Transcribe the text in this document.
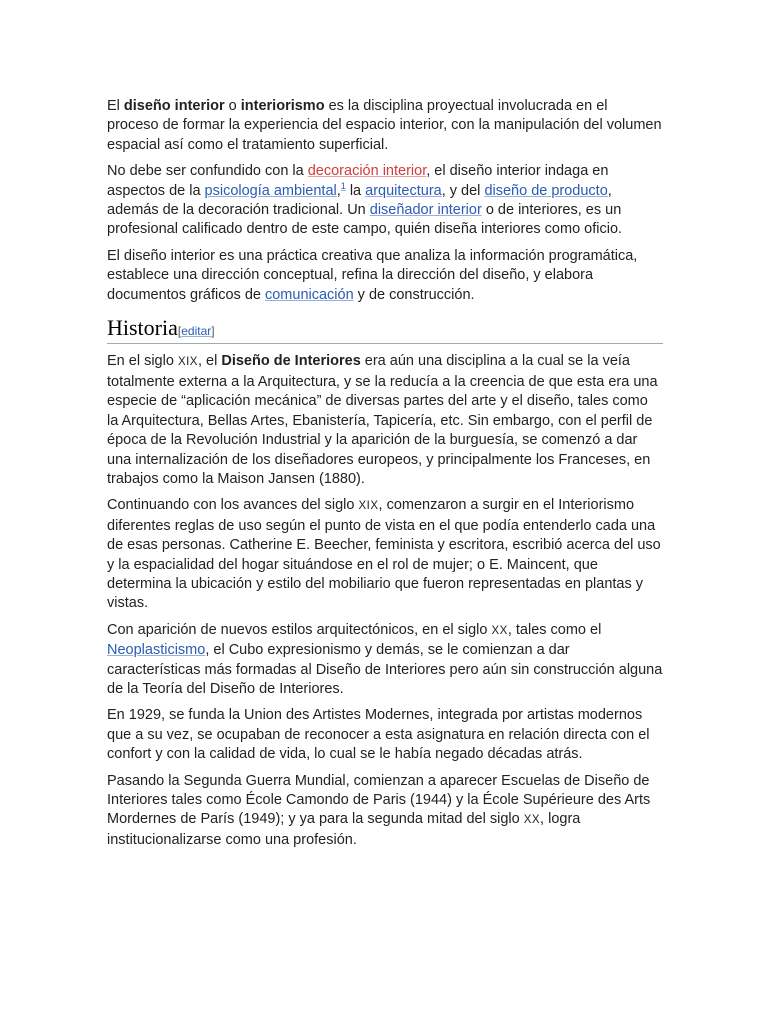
El diseño interior o interiorismo es la disciplina proyectual involucrada en el proceso de formar la experiencia del espacio interior, con la manipulación del volumen espacial así como el tratamiento superficial.

No debe ser confundido con la decoración interior, el diseño interior indaga en aspectos de la psicología ambiental,$^1$ la arquitectura, y del diseño de producto, además de la decoración tradicional. Un diseñador interior o de interiores, es un profesional calificado dentro de este campo, quién diseña interiores como oficio.

El diseño interior es una práctica creativa que analiza la información programática, establece una dirección conceptual, refina la dirección del diseño, y elabora documentos gráficos de comunicación y de construcción.

Historia[editar]

En el siglo XIX, el Diseño de Interiores era aún una disciplina a la cual se la veía totalmente externa a la Arquitectura, y se la reducía a la creencia de que esta era una especie de “aplicación mecánica” de diversas partes del arte y el diseño, tales como la Arquitectura, Bellas Artes, Ebanistería, Tapicería, etc. Sin embargo, con el perfil de época de la Revolución Industrial y la aparición de la burguesía, se comenzó a dar una internalización de los diseñadores europeos, y principalmente los Franceses, en trabajos como la Maison Jansen (1880).

Continuando con los avances del siglo XIX, comenzaron a surgir en el Interiorismo diferentes reglas de uso según el punto de vista en el que podía entenderlo cada una de esas personas. Catherine E. Beecher, feminista y escritora, escribió acerca del uso y la espacialidad del hogar situándose en el rol de mujer; o E. Maincent, que determina la ubicación y estilo del mobiliario que fueron representadas en plantas y vistas.

Con aparición de nuevos estilos arquitectónicos, en el siglo XX, tales como el Neoplasticismo, el Cubo expresionismo y demás, se le comienzan a dar características más formadas al Diseño de Interiores pero aún sin construcción alguna de la Teoría del Diseño de Interiores.

En 1929, se funda la Union des Artistes Modernes, integrada por artistas modernos que a su vez, se ocupaban de reconocer a esta asignatura en relación directa con el confort y con la calidad de vida, lo cual se le había negado décadas atrás.

Pasando la Segunda Guerra Mundial, comienzan a aparecer Escuelas de Diseño de Interiores tales como École Camondo de Paris (1944) y la École Supérieure des Arts Mordernes de París (1949); y ya para la segunda mitad del siglo XX, logra institucionalizarse como una profesión.
